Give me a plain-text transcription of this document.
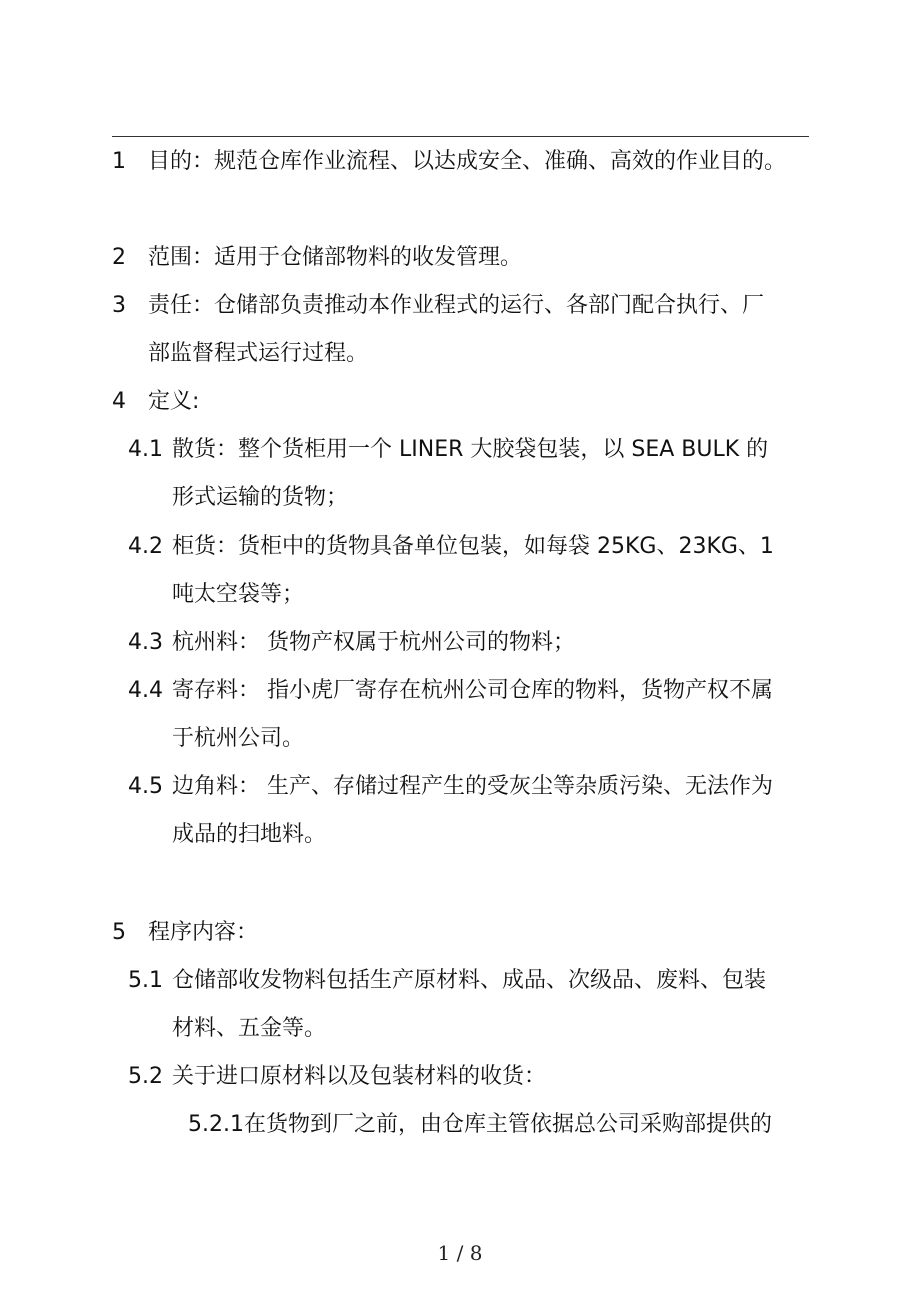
1 目的：规范仓库作业流程、以达成安全、准确、高效的作业目的。
2 范围：适用于仓储部物料的收发管理。
3 责任：仓储部负责推动本作业程式的运行、各部门配合执行、厂
部监督程式运行过程。
4 定义:
4.1 散货：整个货柜用一个 LINER 大胶袋包装，以 SEA BULK 的
形式运输的货物；
4.2 柜货：货柜中的货物具备单位包装，如每袋 25KG、23KG、1
吨太空袋等；
4.3 杭州料： 货物产权属于杭州公司的物料；
4.4 寄存料： 指小虎厂寄存在杭州公司仓库的物料，货物产权不属
于杭州公司。
4.5 边角料： 生产、存储过程产生的受灰尘等杂质污染、无法作为
成品的扫地料。
5 程序内容：
5.1 仓储部收发物料包括生产原材料、成品、次级品、废料、包装
材料、五金等。
5.2 关于进口原材料以及包装材料的收货：
5.2.1在货物到厂之前，由仓库主管依据总公司采购部提供的
1 / 8
